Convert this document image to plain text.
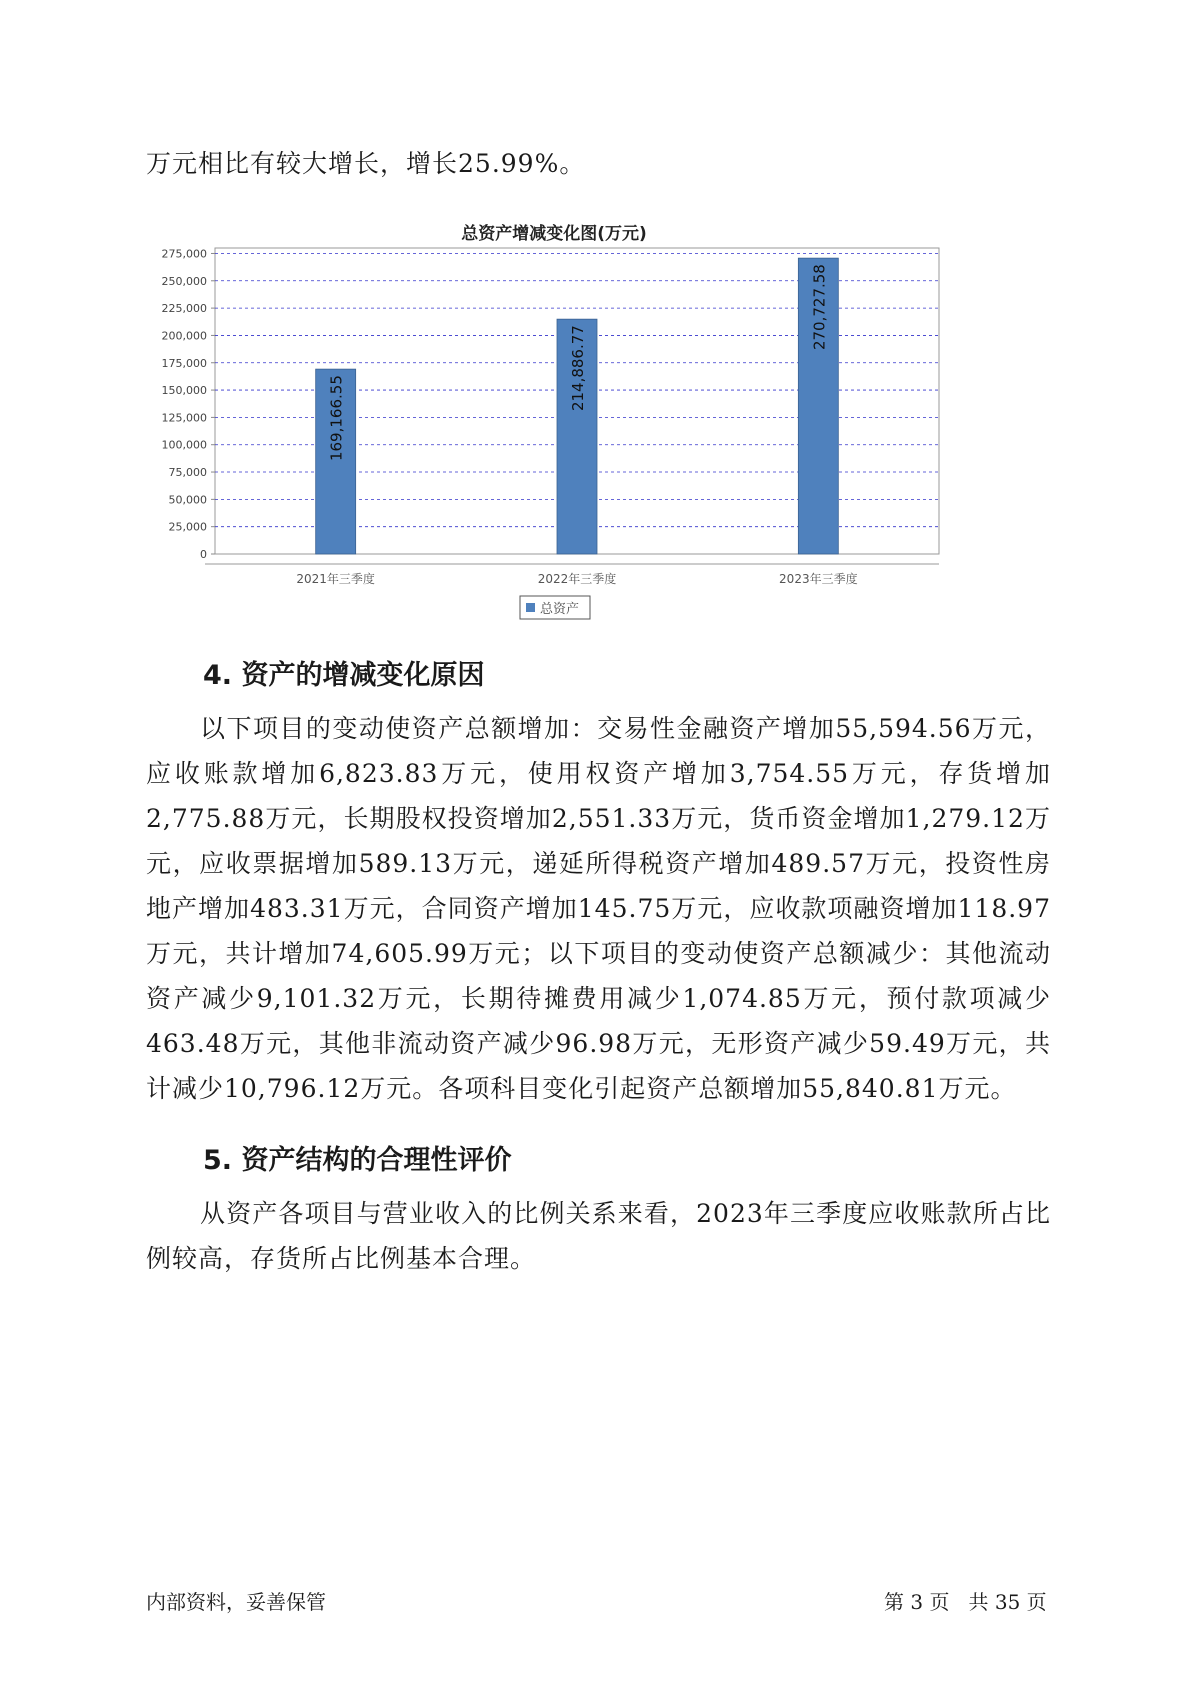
万元相比有较大增长，增长25.99%。

总资产增减变化图(万元)
0
25,000
50,000
75,000
100,000
125,000
150,000
175,000
200,000
225,000
250,000
275,000
169,166.55
214,886.77
270,727.58
2021年三季度	2022年三季度	2023年三季度
总资产
4. 资产的增减变化原因

以下项目的变动使资产总额增加：交易性金融资产增加55,594.56万元，应收账款增加6,823.83万元，使用权资产增加3,754.55万元，存货增加2,775.88万元，长期股权投资增加2,551.33万元，货币资金增加1,279.12万元，应收票据增加589.13万元，递延所得税资产增加489.57万元，投资性房地产增加483.31万元，合同资产增加145.75万元，应收款项融资增加118.97万元，共计增加74,605.99万元；以下项目的变动使资产总额减少：其他流动资产减少9,101.32万元，长期待摊费用减少1,074.85万元，预付款项减少463.48万元，其他非流动资产减少96.98万元，无形资产减少59.49万元，共计减少10,796.12万元。各项科目变化引起资产总额增加55,840.81万元。

5. 资产结构的合理性评价

从资产各项目与营业收入的比例关系来看，2023年三季度应收账款所占比例较高，存货所占比例基本合理。

内部资料，妥善保管	第 3 页   共 35 页
